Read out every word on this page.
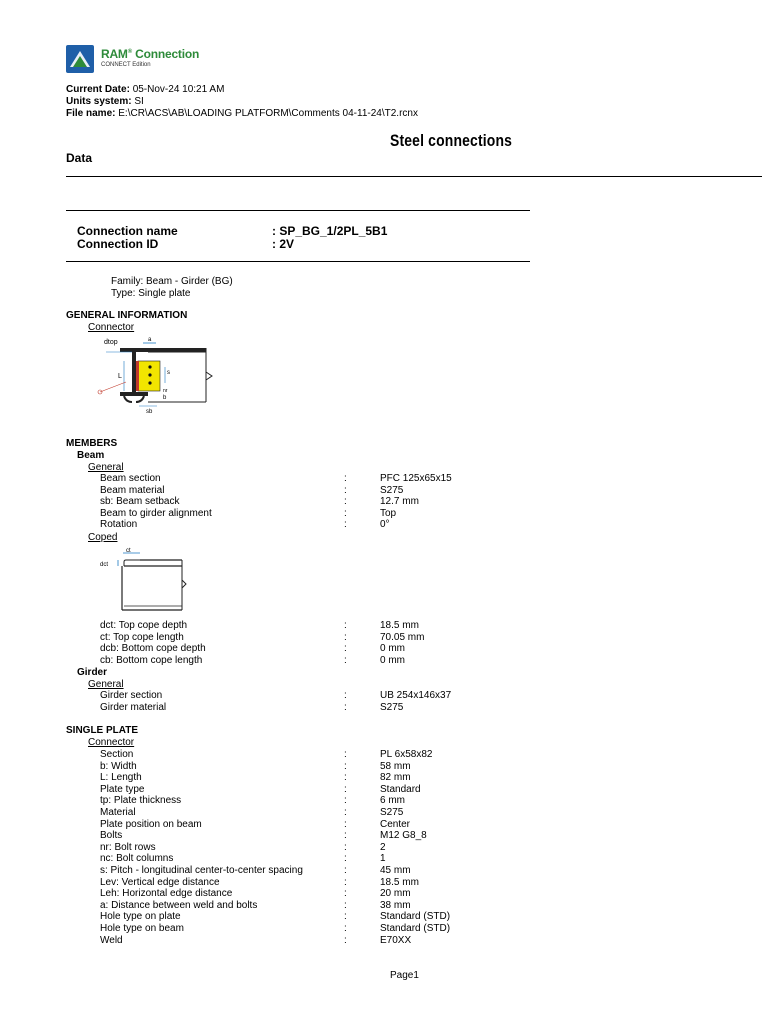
RAM® Connection
CONNECT Edition
Current Date: 05-Nov-24 10:21 AM
Units system: SI
File name: E:\CR\ACS\AB\LOADING PLATFORM\Comments 04-11-24\T2.rcnx
Steel connections
Data
Connection name	: SP_BG_1/2PL_5B1
Connection ID	: 2V
Family: Beam - Girder (BG)
Type: Single plate
GENERAL INFORMATION
Connector
dtop	a
L	s
nr
b
sb
MEMBERS
Beam
General
Beam section	:	PFC 125x65x15
Beam material	:	S275
sb: Beam setback	:	12.7 mm
Beam to girder alignment	:	Top
Rotation	:	0°
Coped
ct
dct
dct: Top cope depth	:	18.5 mm
ct: Top cope length	:	70.05 mm
dcb: Bottom cope depth	:	0 mm
cb: Bottom cope length	:	0 mm
Girder
General
Girder section	:	UB 254x146x37
Girder material	:	S275
SINGLE PLATE
Connector
Section	:	PL 6x58x82
b: Width	:	58 mm
L: Length	:	82 mm
Plate type	:	Standard
tp: Plate thickness	:	6 mm
Material	:	S275
Plate position on beam	:	Center
Bolts	:	M12 G8_8
nr: Bolt rows	:	2
nc: Bolt columns	:	1
s: Pitch - longitudinal center-to-center spacing	:	45 mm
Lev: Vertical edge distance	:	18.5 mm
Leh: Horizontal edge distance	:	20 mm
a: Distance between weld and bolts	:	38 mm
Hole type on plate	:	Standard (STD)
Hole type on beam	:	Standard (STD)
Weld	:	E70XX
Page1
